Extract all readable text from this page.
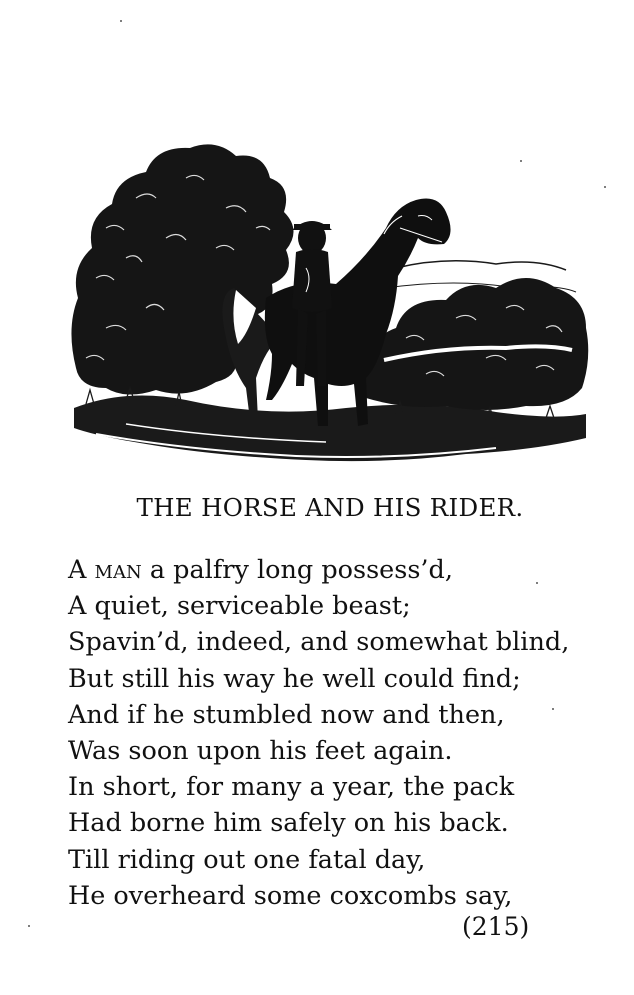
THE HORSE AND HIS RIDER.
A man a palfry long possess’d,
A quiet, serviceable beast;
Spavin’d, indeed, and somewhat blind,
But still his way he well could find;
And if he stumbled now and then,
Was soon upon his feet again.
In short, for many a year, the pack
Had borne him safely on his back.
Till riding out one fatal day,
He overheard some coxcombs say,
(215)
